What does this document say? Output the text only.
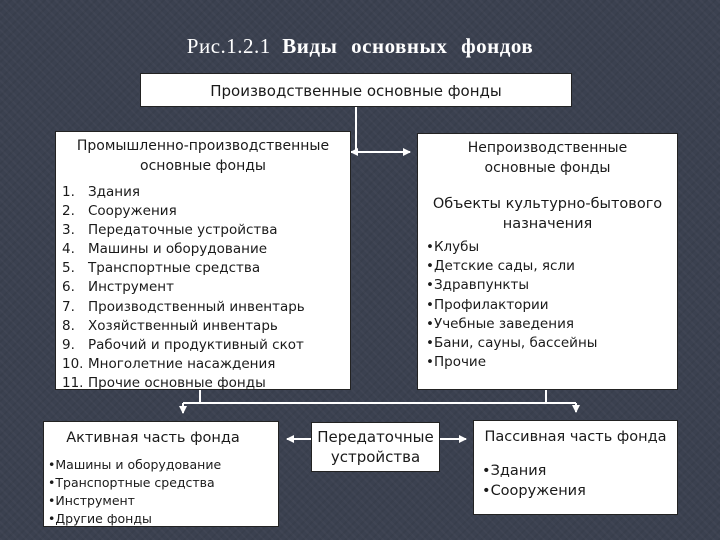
Рис.1.2.1 Виды основных фондов
Производственные основные фонды
Промышленно-производственные
основные фонды
1. Здания
2. Сооружения
3. Передаточные устройства
4. Машины и оборудование
5. Транспортные средства
6. Инструмент
7. Производственный инвентарь
8. Хозяйственный инвентарь
9. Рабочий и продуктивный скот
10. Многолетние насаждения
11. Прочие основные фонды
Непроизводственные
основные фонды
Объекты культурно-бытового
назначения
•Клубы
•Детские сады, ясли
•Здравпункты
•Профилактории
•Учебные заведения
•Бани, сауны, бассейны
•Прочие
Активная часть фонда
•Машины и оборудование
•Транспортные средства
•Инструмент
•Другие фонды
Передаточные
устройства
Пассивная часть фонда
•Здания
•Сооружения
